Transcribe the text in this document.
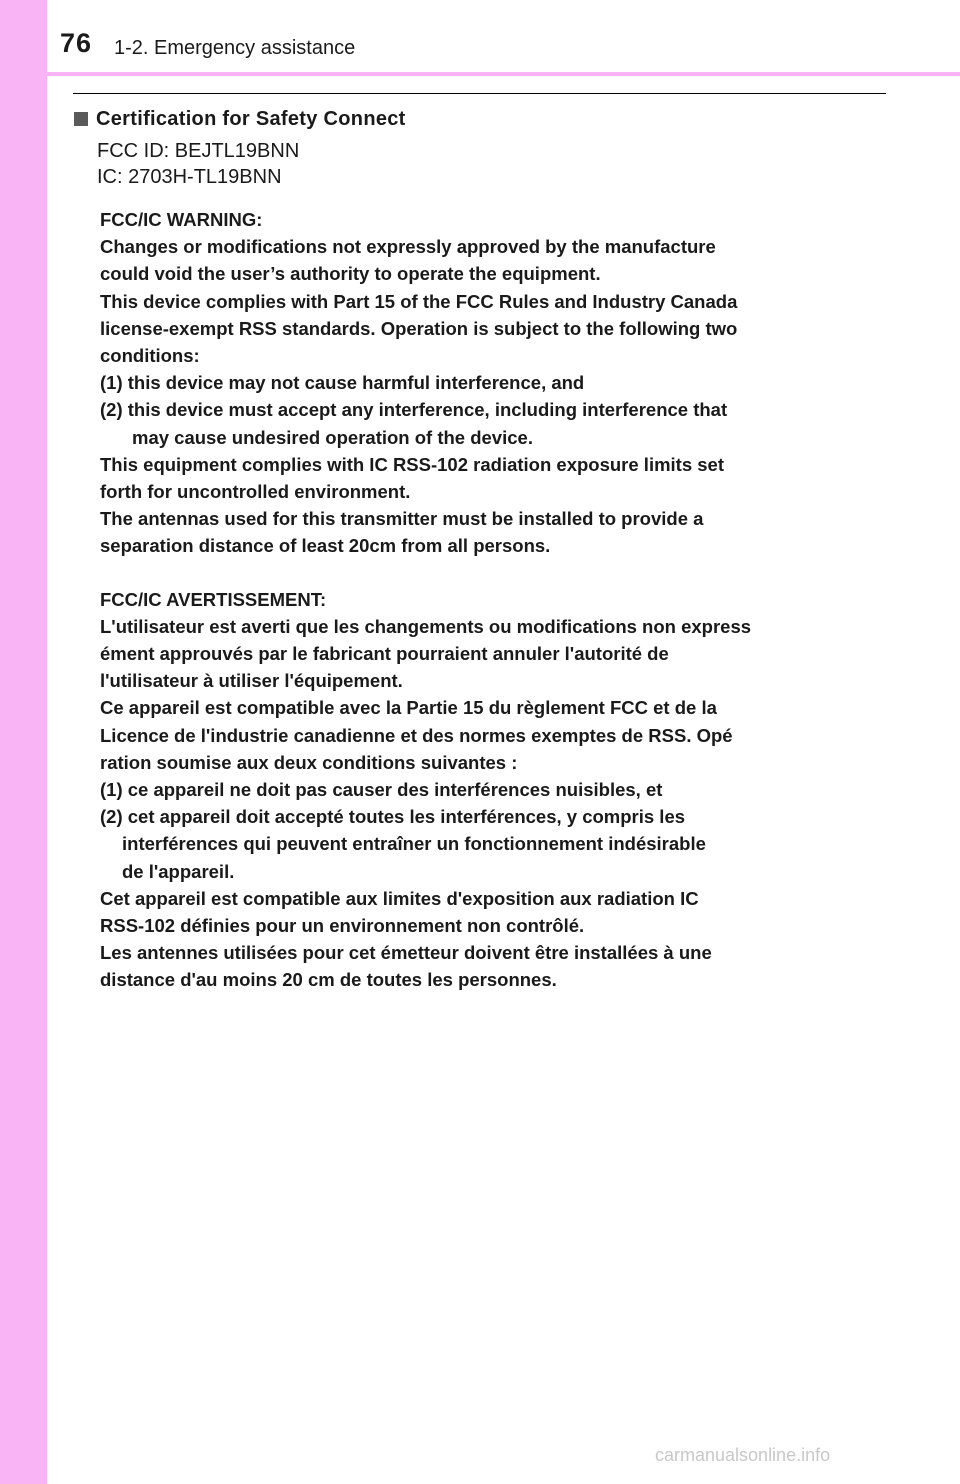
76 1-2. Emergency assistance
Certification for Safety Connect
FCC ID: BEJTL19BNN
IC: 2703H-TL19BNN
FCC/IC WARNING:
Changes or modifications not expressly approved by the manufacture
could void the user’s authority to operate the equipment.
This device complies with Part 15 of the FCC Rules and Industry Canada
license-exempt RSS standards. Operation is subject to the following two
conditions:
(1) this device may not cause harmful interference, and
(2) this device must accept any interference, including interference that
may cause undesired operation of the device.
This equipment complies with IC RSS-102 radiation exposure limits set
forth for uncontrolled environment.
The antennas used for this transmitter must be installed to provide a
separation distance of least 20cm from all persons.
FCC/IC AVERTISSEMENT:
L'utilisateur est averti que les changements ou modifications non express
ément approuvés par le fabricant pourraient annuler l'autorité de
l'utilisateur à utiliser l'équipement.
Ce appareil est compatible avec la Partie 15 du règlement FCC et de la
Licence de l'industrie canadienne et des normes exemptes de RSS. Opé
ration soumise aux deux conditions suivantes :
(1) ce appareil ne doit pas causer des interférences nuisibles, et
(2) cet appareil doit accepté toutes les interférences, y compris les
interférences qui peuvent entraîner un fonctionnement indésirable
de l'appareil.
Cet appareil est compatible aux limites d'exposition aux radiation IC
RSS-102 définies pour un environnement non contrôlé.
Les antennes utilisées pour cet émetteur doivent être installées à une
distance d'au moins 20 cm de toutes les personnes.
carmanualsonline.info
